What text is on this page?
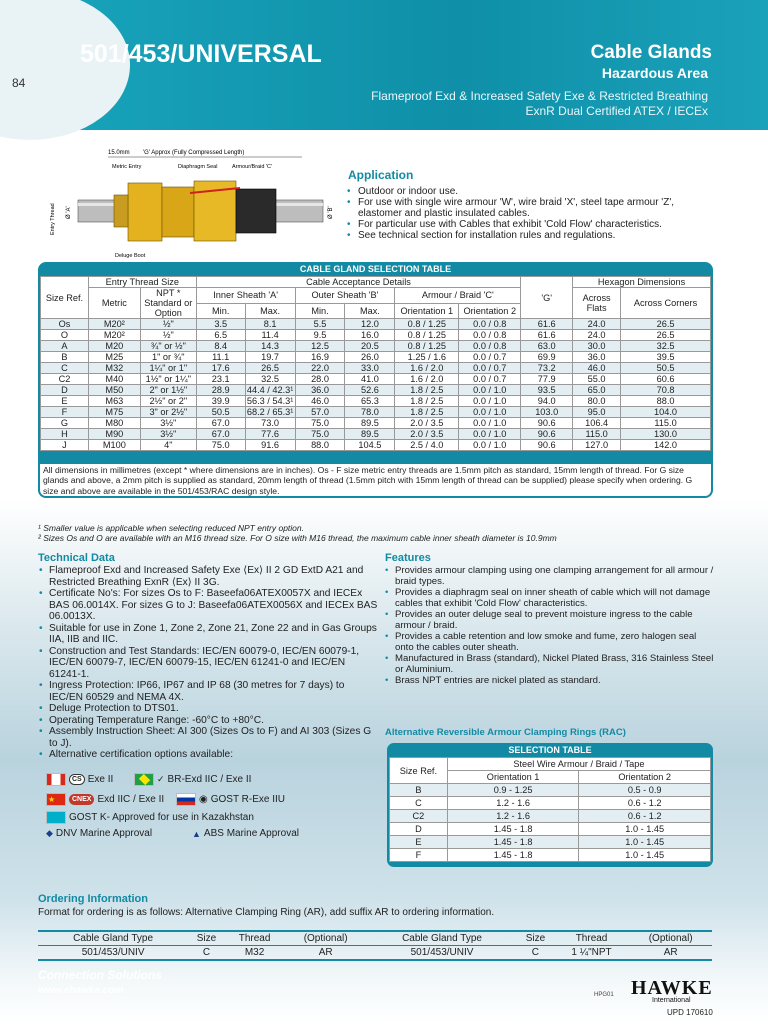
84
501/453/UNIVERSAL	Cable Glands
Hazardous Area
Flameproof Exd & Increased Safety Exe & Restricted Breathing ExnR Dual Certified ATEX / IECEx
15.0mm 'G' Approx (Fully Compressed Length)
Metric Entry	Diaphragm Seal	Armour/Braid 'C'
Entry Thread Ø 'A'	Ø 'B'
Deluge Boot
Application
• Outdoor or indoor use.
• For use with single wire armour 'W', wire braid 'X', steel tape armour 'Z', elastomer and plastic insulated cables.
• For particular use with Cables that exhibit 'Cold Flow' characteristics.
• See technical section for installation rules and regulations.
CABLE GLAND SELECTION TABLE
Size Ref.	Entry Thread Size		Cable Acceptance Details						'G'	Hexagon Dimensions	
	Metric	NPT * Standard or Option	Inner Sheath 'A'		Outer Sheath 'B'		Armour / Braid 'C'			Across Flats	Across Corners
			Min.	Max.	Min.	Max.	Orientation 1	Orientation 2			
Os	M20²	½"	3.5	8.1	5.5	12.0	0.8 / 1.25	0.0 / 0.8	61.6	24.0	26.5
O	M20²	½"	6.5	11.4	9.5	16.0	0.8 / 1.25	0.0 / 0.8	61.6	24.0	26.5
A	M20	¾" or ½"	8.4	14.3	12.5	20.5	0.8 / 1.25	0.0 / 0.8	63.0	30.0	32.5
B	M25	1" or ¾"	11.1	19.7	16.9	26.0	1.25 / 1.6	0.0 / 0.7	69.9	36.0	39.5
C	M32	1¼" or 1"	17.6	26.5	22.0	33.0	1.6 / 2.0	0.0 / 0.7	73.2	46.0	50.5
C2	M40	1½" or 1¼"	23.1	32.5	28.0	41.0	1.6 / 2.0	0.0 / 0.7	77.9	55.0	60.6
D	M50	2" or 1½"	28.9	44.4 / 42.3¹	36.0	52.6	1.8 / 2.5	0.0 / 1.0	93.5	65.0	70.8
E	M63	2½" or 2"	39.9	56.3 / 54.3¹	46.0	65.3	1.8 / 2.5	0.0 / 1.0	94.0	80.0	88.0
F	M75	3" or 2½"	50.5	68.2 / 65.3¹	57.0	78.0	1.8 / 2.5	0.0 / 1.0	103.0	95.0	104.0
G	M80	3½"	67.0	73.0	75.0	89.5	2.0 / 3.5	0.0 / 1.0	90.6	106.4	115.0
H	M90	3½"	67.0	77.6	75.0	89.5	2.0 / 3.5	0.0 / 1.0	90.6	115.0	130.0
J	M100	4"	75.0	91.6	88.0	104.5	2.5 / 4.0	0.0 / 1.0	90.6	127.0	142.0
All dimensions in millimetres (except * where dimensions are in inches). Os - F size metric entry threads are 1.5mm pitch as standard, 15mm length of thread. For G size glands and above, a 2mm pitch is supplied as standard, 20mm length of thread (1.5mm pitch with 15mm length of thread can be supplied) please specify when ordering. G size and above are available in the 501/453/RAC design style.
¹ Smaller value is applicable when selecting reduced NPT entry option.
² Sizes Os and O are available with an M16 thread size. For O size with M16 thread, the maximum cable inner sheath diameter is 10.9mm
Technical Data
• Flameproof Exd and Increased Safety Exe ⟨Ex⟩ II 2 GD ExtD A21 and Restricted Breathing ExnR ⟨Ex⟩ II 3G.
• Certificate No's: For sizes Os to F: Baseefa06ATEX0057X and IECEx BAS 06.0014X. For sizes G to J: Baseefa06ATEX0056X and IECEx BAS 06.0013X.
• Suitable for use in Zone 1, Zone 2, Zone 21, Zone 22 and in Gas Groups IIA, IIB and IIC.
• Construction and Test Standards: IEC/EN 60079-0, IEC/EN 60079-1, IEC/EN 60079-7, IEC/EN 60079-15, IEC/EN 61241-0 and IEC/EN 61241-1.
• Ingress Protection: IP66, IP67 and IP 68 (30 metres for 7 days) to IEC/EN 60529 and NEMA 4X.
• Deluge Protection to DTS01.
• Operating Temperature Range: -60°C to +80°C.
• Assembly Instruction Sheet: AI 300 (Sizes Os to F) and AI 303 (Sizes G to J).
• Alternative certification options available:
CS Exe II	✓ BR-Exd IIC / Exe II
★	CNEX Exd IIC / Exe II	◉ GOST R-Exe IIU
GOST K- Approved for use in Kazakhstan
◆ DNV Marine Approval	▲ ABS Marine Approval
Features
• Provides armour clamping using one clamping arrangement for all armour / braid types.
• Provides a diaphragm seal on inner sheath of cable which will not damage cables that exhibit 'Cold Flow' characteristics.
• Provides an outer deluge seal to prevent moisture ingress to the cable armour / braid.
• Provides a cable retention and low smoke and fume, zero halogen seal onto the cables outer sheath.
• Manufactured in Brass (standard), Nickel Plated Brass, 316 Stainless Steel or Aluminium.
• Brass NPT entries are nickel plated as standard.
Alternative Reversible Armour Clamping Rings (RAC)
SELECTION TABLE
Size Ref.	Steel Wire Armour / Braid / Tape	
	Orientation 1	Orientation 2
B	0.9 - 1.25	0.5 - 0.9
C	1.2 - 1.6	0.6 - 1.2
C2	1.2 - 1.6	0.6 - 1.2
D	1.45 - 1.8	1.0 - 1.45
E	1.45 - 1.8	1.0 - 1.45
F	1.45 - 1.8	1.0 - 1.45
Ordering Information
Format for ordering is as follows: Alternative Clamping Ring (AR), add suffix AR to ordering information.
Cable Gland Type	Size	Thread	(Optional)	Cable Gland Type	Size	Thread	(Optional)
501/453/UNIV	C	M32	AR	501/453/UNIV	C	1 ¼"NPT	AR
Connection Solutions
www.ehawke.com	HPG01 HAWKE
International
UPD 170610
